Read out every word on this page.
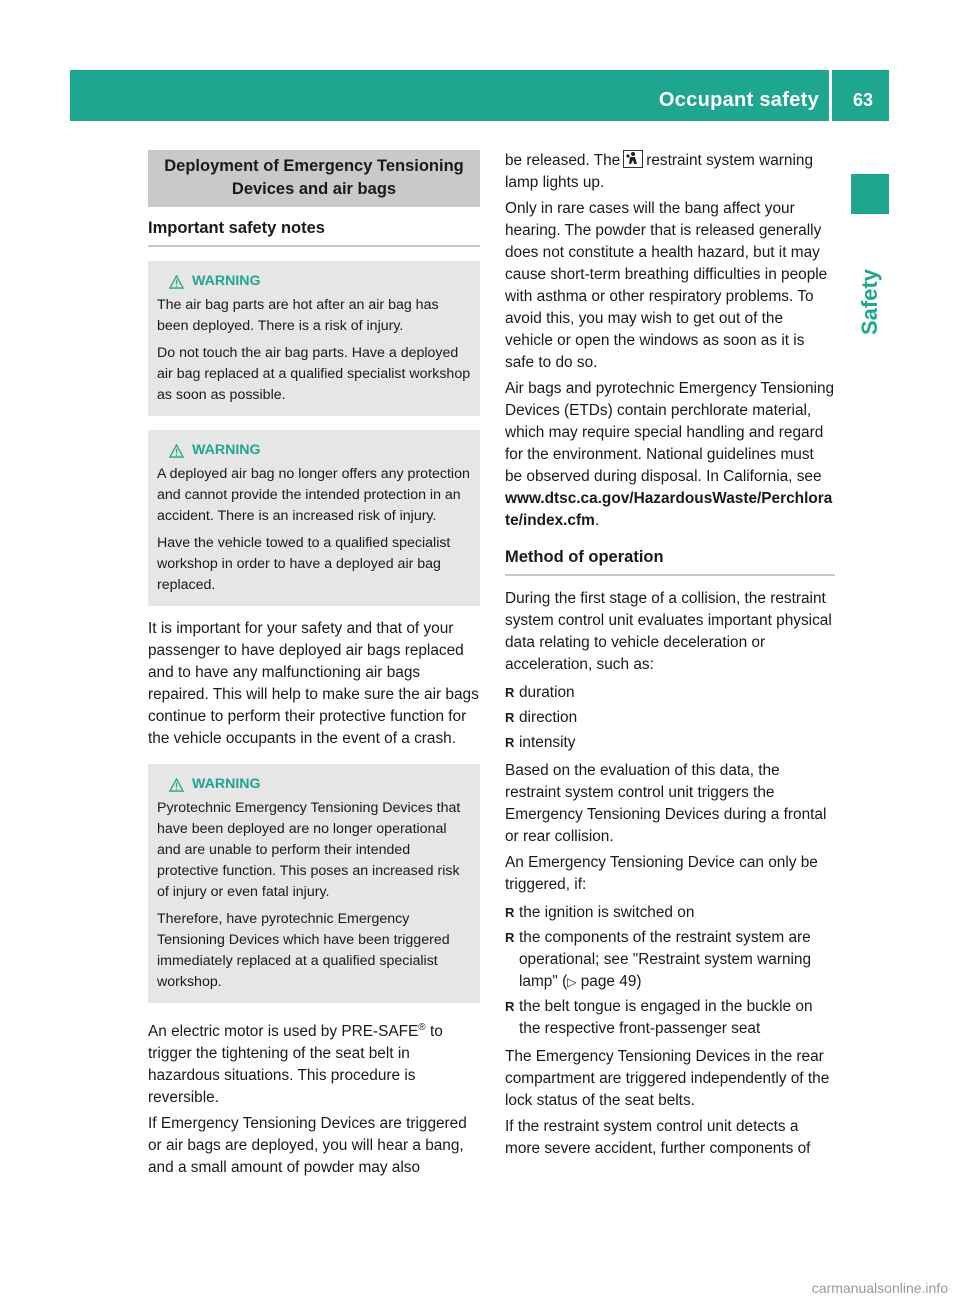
Occupant safety 63
Safety
Deployment of Emergency Tensioning Devices and air bags
Important safety notes
WARNING

The air bag parts are hot after an air bag has been deployed. There is a risk of injury.

Do not touch the air bag parts. Have a deployed air bag replaced at a qualified specialist workshop as soon as possible.

WARNING

A deployed air bag no longer offers any protection and cannot provide the intended protection in an accident. There is an increased risk of injury.

Have the vehicle towed to a qualified specialist workshop in order to have a deployed air bag replaced.

It is important for your safety and that of your passenger to have deployed air bags replaced and to have any malfunctioning air bags repaired. This will help to make sure the air bags continue to perform their protective function for the vehicle occupants in the event of a crash.

WARNING

Pyrotechnic Emergency Tensioning Devices that have been deployed are no longer operational and are unable to perform their intended protective function. This poses an increased risk of injury or even fatal injury.

Therefore, have pyrotechnic Emergency Tensioning Devices which have been triggered immediately replaced at a qualified specialist workshop.

An electric motor is used by PRE-SAFE® to trigger the tightening of the seat belt in hazardous situations. This procedure is reversible.

If Emergency Tensioning Devices are triggered or air bags are deployed, you will hear a bang, and a small amount of powder may also

be released. The restraint system warning lamp lights up.

Only in rare cases will the bang affect your hearing. The powder that is released generally does not constitute a health hazard, but it may cause short-term breathing difficulties in people with asthma or other respiratory problems. To avoid this, you may wish to get out of the vehicle or open the windows as soon as it is safe to do so.

Air bags and pyrotechnic Emergency Tensioning Devices (ETDs) contain perchlorate material, which may require special handling and regard for the environment. National guidelines must be observed during disposal. In California, see www.dtsc.ca.gov/HazardousWaste/Perchlorate/index.cfm.

Method of operation

During the first stage of a collision, the restraint system control unit evaluates important physical data relating to vehicle deceleration or acceleration, such as:

R duration
R direction
R intensity

Based on the evaluation of this data, the restraint system control unit triggers the Emergency Tensioning Devices during a frontal or rear collision.

An Emergency Tensioning Device can only be triggered, if:

R the ignition is switched on
R the components of the restraint system are operational; see "Restraint system warning lamp" (▷ page 49)
R the belt tongue is engaged in the buckle on the respective front-passenger seat

The Emergency Tensioning Devices in the rear compartment are triggered independently of the lock status of the seat belts.

If the restraint system control unit detects a more severe accident, further components of

carmanualsonline.info
